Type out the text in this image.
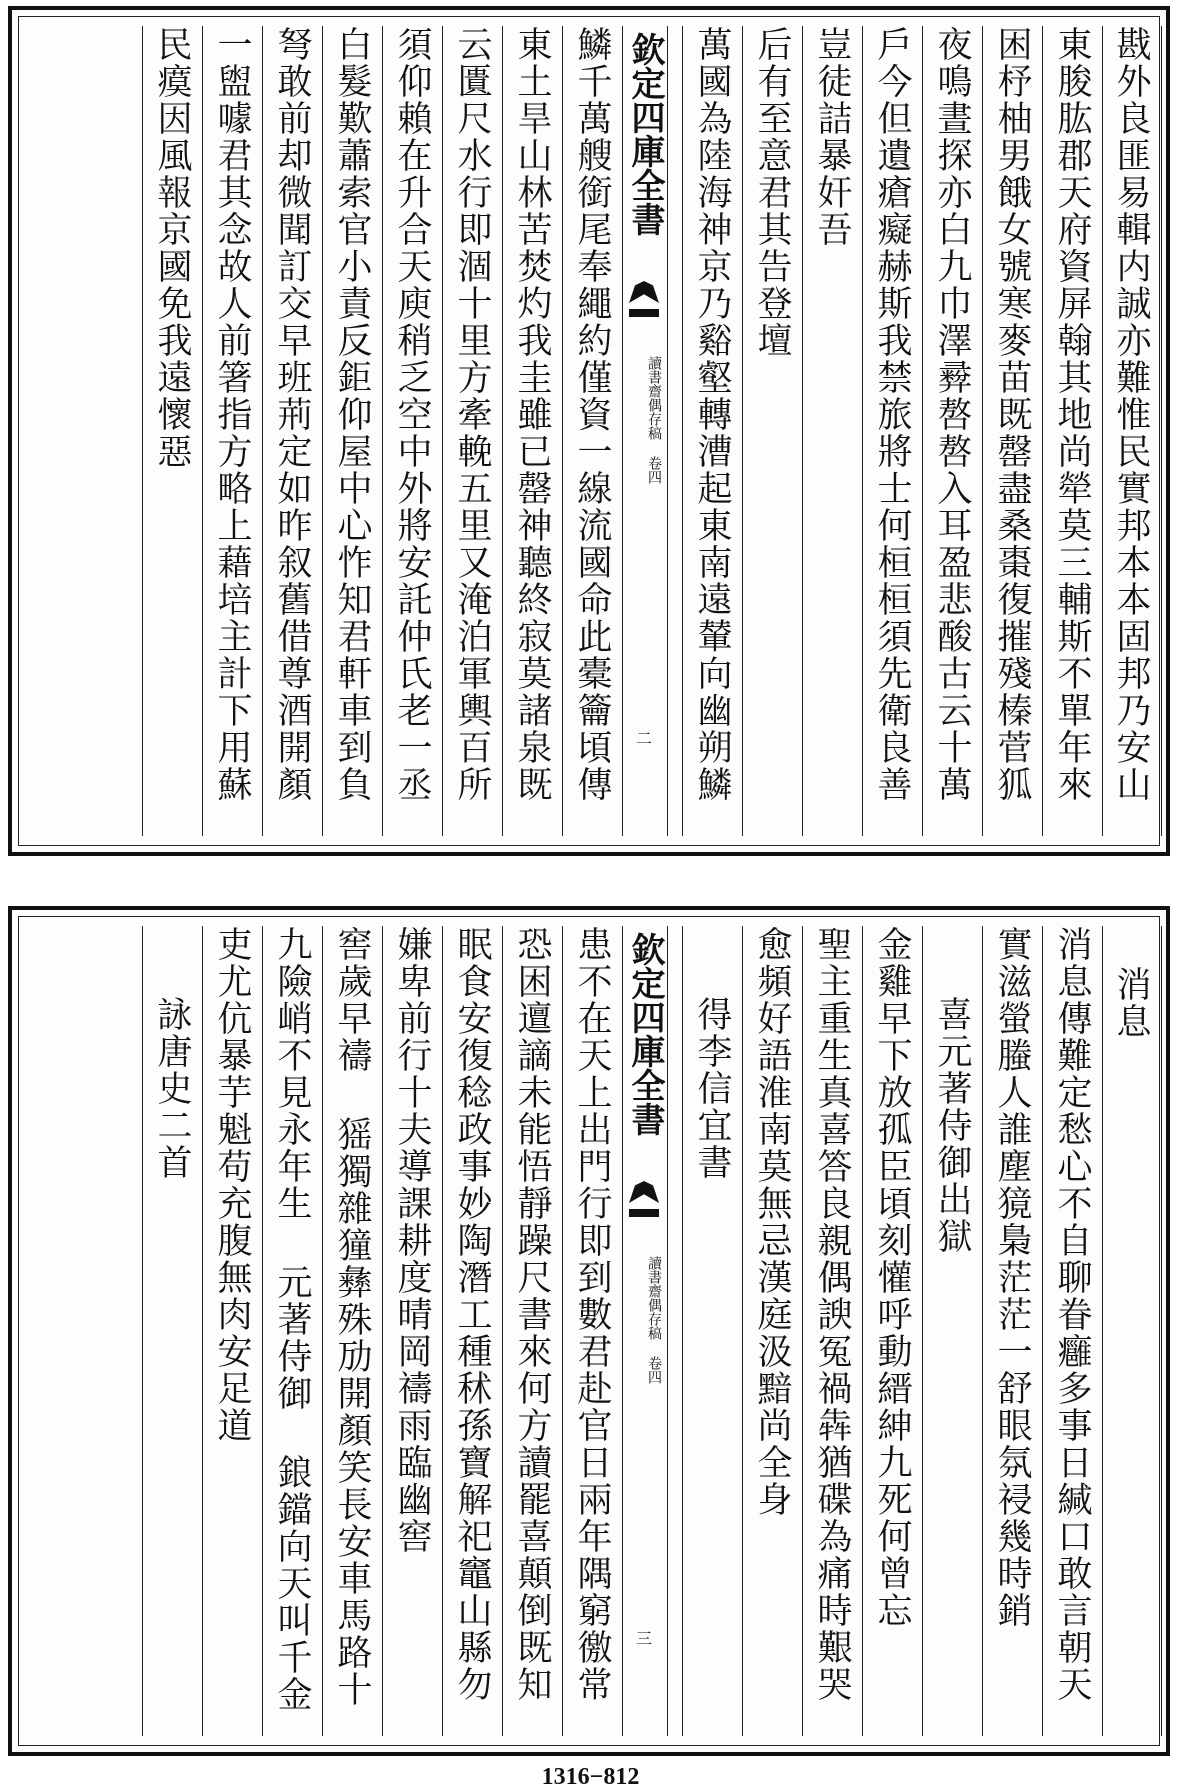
戡外良匪易輯内誠亦難惟民實邦本本固邦乃安山
東朘肱郡天府資屏翰其地尚犖莫三輔斯不單年來
困杼柚男餓女號寒麥苗既罄盡桑棗復摧殘榛菅狐
夜鳴晝探亦白九巾澤彛嗸嗸入耳盈悲酸古云十萬
戶今但遺瘡癡赫斯我禁旅將士何桓桓須先衛良善
豈徒詰暴奸吾
后有至意君其告登壇
萬國為陸海神京乃谿壑轉漕起東南遠輦向幽朔鱗
欽定四庫全書
讀書齋偶存稿 卷四
二
鱗千萬艘銜尾奉繩約僅資一線流國命此橐籥頃傳
東土旱山林苦焚灼我圭雖已罄神聽終寂莫諸泉既
云匱尺水行即涸十里方牽輓五里又淹泊軍輿百所
須仰賴在升合天庾稍乏空中外將安託仲氏老一丞
白髮歎蕭索官小責反鉅仰屋中心怍知君軒車到負
弩敢前却微聞訂交早班荊定如昨叙舊借尊酒開顏
一盥噱君其念故人前箸指方略上藉培主計下用蘇
民瘼因風報京國免我遠懷惡
消息
消息傳難定愁心不自聊眷癰多事日緘口敢言朝天
實滋螢螣人誰塵獍梟茫茫一舒眼氛祲幾時銷
喜元著侍御出獄
金雞早下放孤臣頃刻懽呼動縉紳九死何曾忘
聖主重生真喜答良親偶諛冤禍犇猶碟為痛時艱哭
愈頻好語淮南莫無忌漢庭汲黯尚全身
得李信宜書
欽定四庫全書
讀書齋偶存稿 卷四
三
患不在天上出門行即到數君赴官日兩年隅窮徼常
恐困邅謫未能悟靜躁尺書來何方讀罷喜顛倒既知
眠食安復稔政事妙陶潛工種秫孫寶解祀竈山縣勿
嫌卑前行十夫導課耕度晴岡禱雨臨幽窖
窖歲早禱 猺獨雜獞彝殊劢開顏笑長安車馬路十
九險峭不見永年生 元著侍御 鋃鐺向天叫千金
吏尤伉暴芋魁苟充腹無肉安足道
詠唐史二首
1316−812
